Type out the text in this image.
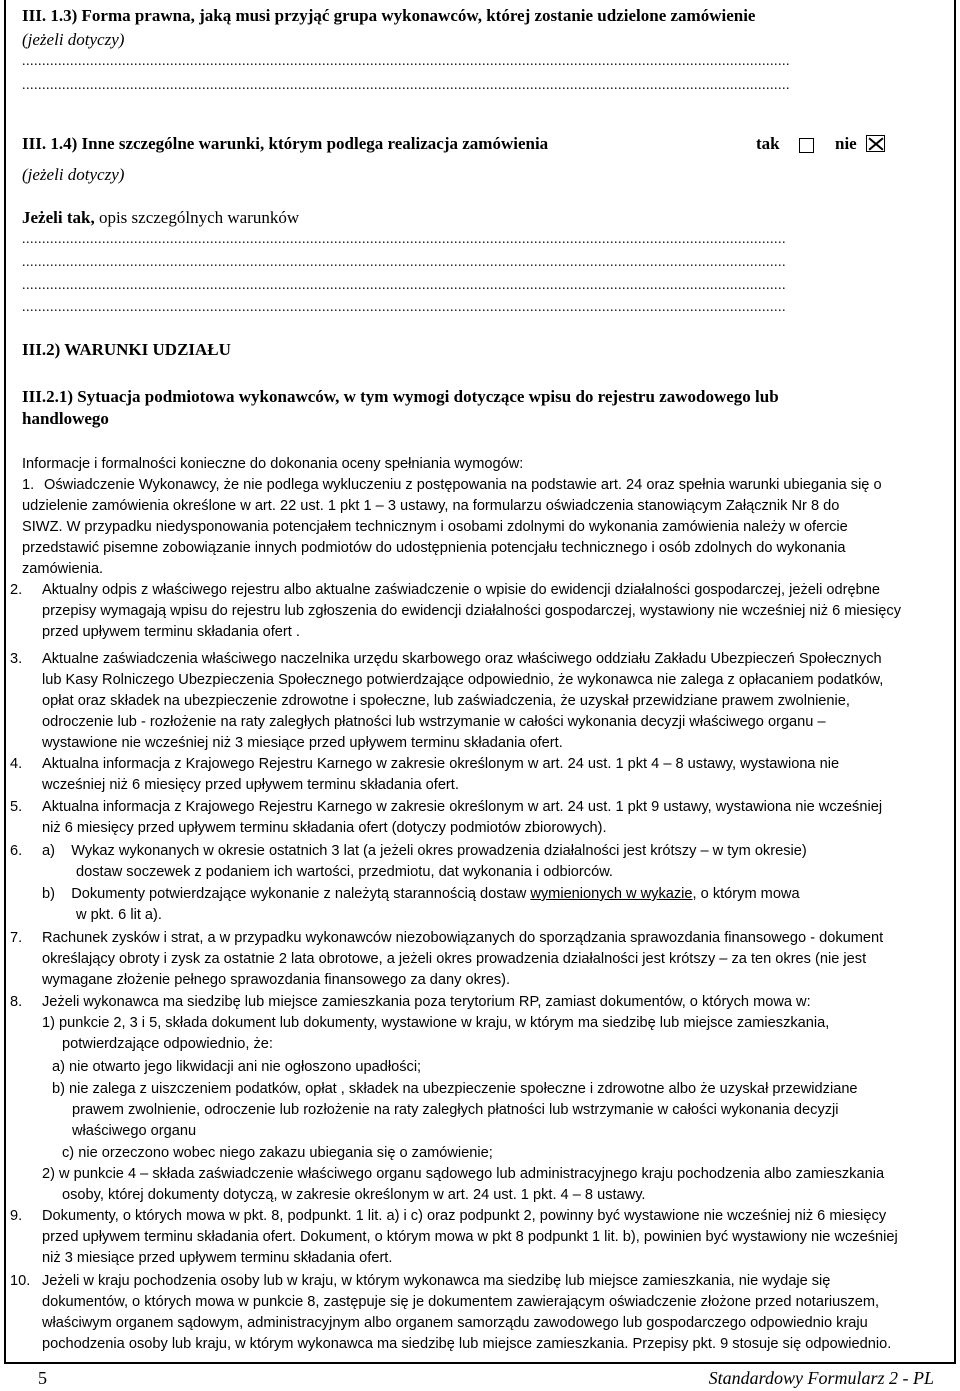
III. 1.3) Forma prawna, jaką musi przyjąć grupa wykonawców, której zostanie udzielone zamówienie
(jeżeli dotyczy)
................................................................................................................................................................................................
................................................................................................................................................................................................
III. 1.4) Inne szczególne warunki, którym podlega realizacja zamówienia	tak	nie
(jeżeli dotyczy)
Jeżeli tak, opis szczególnych warunków
...............................................................................................................................................................................................
...............................................................................................................................................................................................
...............................................................................................................................................................................................
...............................................................................................................................................................................................
III.2) WARUNKI UDZIAŁU
III.2.1) Sytuacja podmiotowa wykonawców, w tym wymogi dotyczące wpisu do rejestru zawodowego lub
handlowego
Informacje i formalności konieczne do dokonania oceny spełniania wymogów:
1. Oświadczenie Wykonawcy, że nie podlega wykluczeniu z postępowania na podstawie art. 24 oraz spełnia warunki ubiegania się o
udzielenie zamówienia określone w art. 22 ust. 1 pkt 1 – 3 ustawy, na formularzu oświadczenia stanowiącym Załącznik Nr 8 do
SIWZ. W przypadku niedysponowania potencjałem technicznym i osobami zdolnymi do wykonania zamówienia należy w ofercie
przedstawić pisemne zobowiązanie innych podmiotów do udostępnienia potencjału technicznego i osób zdolnych do wykonania
zamówienia.
2. Aktualny odpis z właściwego rejestru albo aktualne zaświadczenie o wpisie do ewidencji działalności gospodarczej, jeżeli odrębne
przepisy wymagają wpisu do rejestru lub zgłoszenia do ewidencji działalności gospodarczej, wystawiony nie wcześniej niż 6 miesięcy
przed upływem terminu składania ofert .
3. Aktualne zaświadczenia właściwego naczelnika urzędu skarbowego oraz właściwego oddziału Zakładu Ubezpieczeń Społecznych
lub Kasy Rolniczego Ubezpieczenia Społecznego potwierdzające odpowiednio, że wykonawca nie zalega z opłacaniem podatków,
opłat oraz składek na ubezpieczenie zdrowotne i społeczne, lub zaświadczenia, że uzyskał przewidziane prawem zwolnienie,
odroczenie lub - rozłożenie na raty zaległych płatności lub wstrzymanie w całości wykonania decyzji właściwego organu –
wystawione nie wcześniej niż 3 miesiące przed upływem terminu składania ofert.
4. Aktualna informacja z Krajowego Rejestru Karnego w zakresie określonym w art. 24 ust. 1 pkt 4 – 8 ustawy, wystawiona nie
wcześniej niż 6 miesięcy przed upływem terminu składania ofert.
5. Aktualna informacja z Krajowego Rejestru Karnego w zakresie określonym w art. 24 ust. 1 pkt 9 ustawy, wystawiona nie wcześniej
niż 6 miesięcy przed upływem terminu składania ofert (dotyczy podmiotów zbiorowych).
6. a)    Wykaz wykonanych w okresie ostatnich 3 lat (a jeżeli okres prowadzenia działalności jest krótszy – w tym okresie)
dostaw soczewek z podaniem ich wartości, przedmiotu, dat wykonania i odbiorców.
b)    Dokumenty potwierdzające wykonanie z należytą starannością dostaw wymienionych w wykazie, o którym mowa
w pkt. 6 lit a).
7. Rachunek zysków i strat, a w przypadku wykonawców niezobowiązanych do sporządzania sprawozdania finansowego - dokument
określający obroty i zysk za ostatnie 2 lata obrotowe, a jeżeli okres prowadzenia działalności jest krótszy – za ten okres (nie jest
wymagane złożenie pełnego sprawozdania finansowego za dany okres).
8. Jeżeli wykonawca ma siedzibę lub miejsce zamieszkania poza terytorium RP, zamiast dokumentów, o których mowa w:
1) punkcie 2, 3 i 5, składa dokument lub dokumenty, wystawione w kraju, w którym ma siedzibę lub miejsce zamieszkania,
potwierdzające odpowiednio, że:
a) nie otwarto jego likwidacji ani nie ogłoszono upadłości;
b) nie zalega z uiszczeniem podatków, opłat , składek na ubezpieczenie społeczne i zdrowotne albo że uzyskał przewidziane
prawem zwolnienie, odroczenie lub rozłożenie na raty zaległych płatności lub wstrzymanie w całości wykonania decyzji
właściwego organu
c) nie orzeczono wobec niego zakazu ubiegania się o zamówienie;
2) w punkcie 4 – składa zaświadczenie właściwego organu sądowego lub administracyjnego kraju pochodzenia albo zamieszkania
osoby, której dokumenty dotyczą, w zakresie określonym w art. 24 ust. 1 pkt. 4 – 8 ustawy.
9. Dokumenty, o których mowa w pkt. 8, podpunkt. 1 lit. a) i c) oraz podpunkt 2, powinny być wystawione nie wcześniej niż 6 miesięcy
przed upływem terminu składania ofert. Dokument, o którym mowa w pkt 8 podpunkt 1 lit. b), powinien być wystawiony nie wcześniej
niż 3 miesiące przed upływem terminu składania ofert.
10. Jeżeli w kraju pochodzenia osoby lub w kraju, w którym wykonawca ma siedzibę lub miejsce zamieszkania, nie wydaje się
dokumentów, o których mowa w punkcie 8, zastępuje się je dokumentem zawierającym oświadczenie złożone przed notariuszem,
właściwym organem sądowym, administracyjnym albo organem samorządu zawodowego lub gospodarczego odpowiednio kraju
pochodzenia osoby lub kraju, w którym wykonawca ma siedzibę lub miejsce zamieszkania. Przepisy pkt. 9 stosuje się odpowiednio.
5	Standardowy Formularz 2 - PL
